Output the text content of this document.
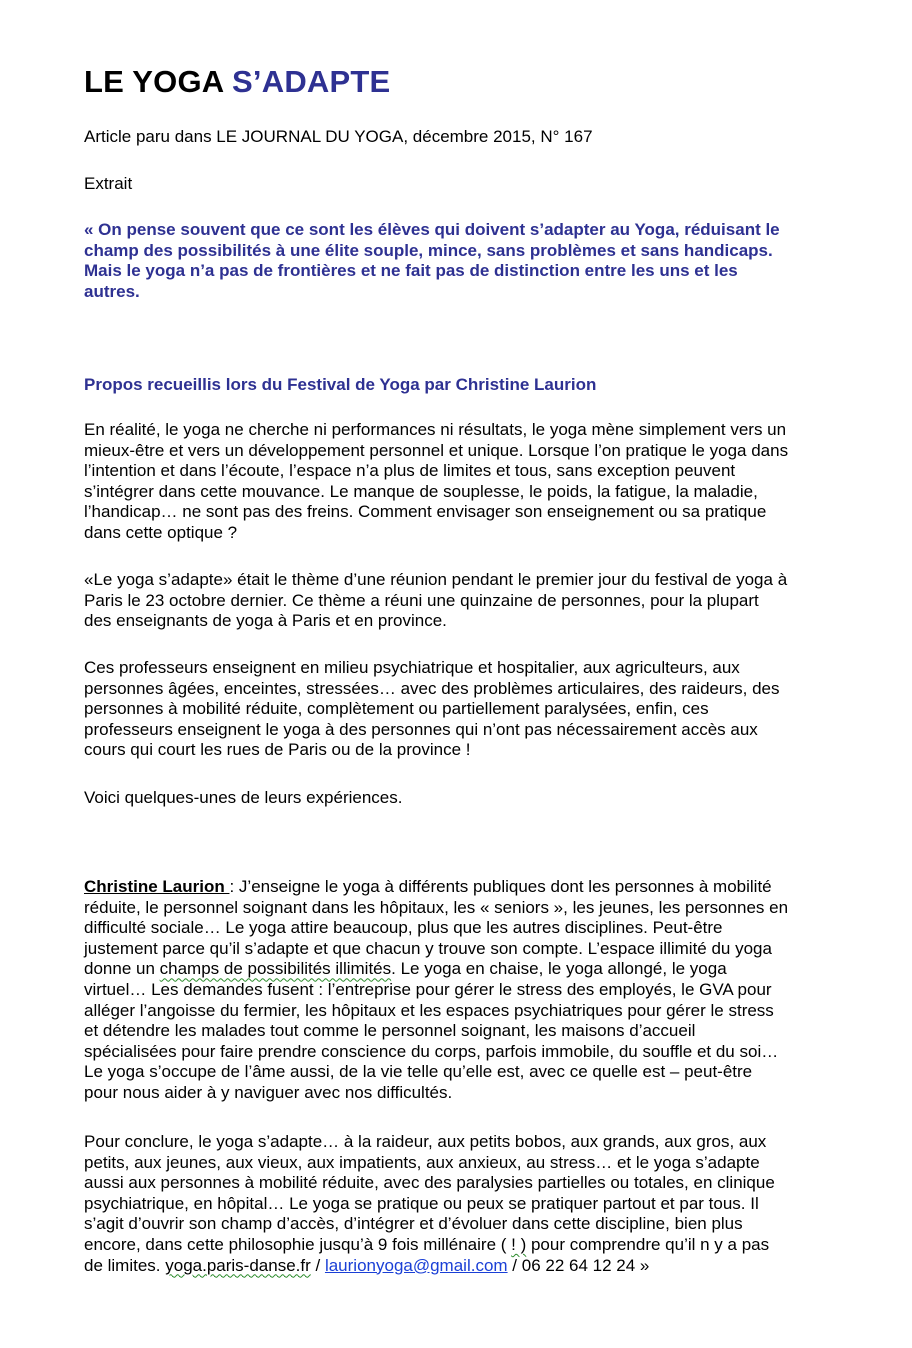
LE YOGA S’ADAPTE

Article paru dans LE JOURNAL DU YOGA, décembre 2015, N° 167

Extrait

« On pense souvent que ce sont les élèves qui doivent s’adapter au Yoga, réduisant le
champ des possibilités à une élite souple, mince, sans problèmes et sans handicaps.
Mais le yoga n’a pas de frontières et ne fait pas de distinction entre les uns et les
autres.

Propos recueillis lors du Festival de Yoga par Christine Laurion

En réalité, le yoga ne cherche ni performances ni résultats, le yoga mène simplement vers un
mieux-être et vers un développement personnel et unique. Lorsque l’on pratique le yoga dans
l’intention et dans l’écoute, l’espace n’a plus de limites et tous, sans exception peuvent
s’intégrer dans cette mouvance. Le manque de souplesse, le poids, la fatigue, la maladie,
l’handicap… ne sont pas des freins. Comment envisager son enseignement ou sa pratique
dans cette optique ?
«Le yoga s’adapte» était le thème d’une réunion pendant le premier jour du festival de yoga à
Paris le 23 octobre dernier. Ce thème a réuni une quinzaine de personnes, pour la plupart
des enseignants de yoga à Paris et en province.
Ces professeurs enseignent en milieu psychiatrique et hospitalier, aux agriculteurs, aux
personnes âgées, enceintes, stressées… avec des problèmes articulaires, des raideurs, des
personnes à mobilité réduite, complètement ou partiellement paralysées, enfin, ces
professeurs enseignent le yoga à des personnes qui n’ont pas nécessairement accès aux
cours qui court les rues de Paris ou de la province !

Voici quelques-unes de leurs expériences.

Christine Laurion : J’enseigne le yoga à différents publiques dont les personnes à mobilité
réduite, le personnel soignant dans les hôpitaux, les « seniors », les jeunes, les personnes en
difficulté sociale… Le yoga attire beaucoup, plus que les autres disciplines. Peut-être
justement parce qu’il s’adapte et que chacun y trouve son compte. L’espace illimité du yoga
donne un champs de possibilités illimités. Le yoga en chaise, le yoga allongé, le yoga
virtuel… Les demandes fusent : l’entreprise pour gérer le stress des employés, le GVA pour
alléger l’angoisse du fermier, les hôpitaux et les espaces psychiatriques pour gérer le stress
et détendre les malades tout comme le personnel soignant, les maisons d’accueil
spécialisées pour faire prendre conscience du corps, parfois immobile, du souffle et du soi…
Le yoga s’occupe de l’âme aussi, de la vie telle qu’elle est, avec ce quelle est – peut-être
pour nous aider à y naviguer avec nos difficultés.
Pour conclure, le yoga s’adapte… à la raideur, aux petits bobos, aux grands, aux gros, aux
petits, aux jeunes, aux vieux, aux impatients, aux anxieux, au stress… et le yoga s’adapte
aussi aux personnes à mobilité réduite, avec des paralysies partielles ou totales, en clinique
psychiatrique, en hôpital… Le yoga se pratique ou peux se pratiquer partout et par tous. Il
s’agit d’ouvrir son champ d’accès, d’intégrer et d’évoluer dans cette discipline, bien plus
encore, dans cette philosophie jusqu’à 9 fois millénaire ( ! ) pour comprendre qu’il n y a pas
de limites. yoga.paris-danse.fr / laurionyoga@gmail.com / 06 22 64 12 24 »
